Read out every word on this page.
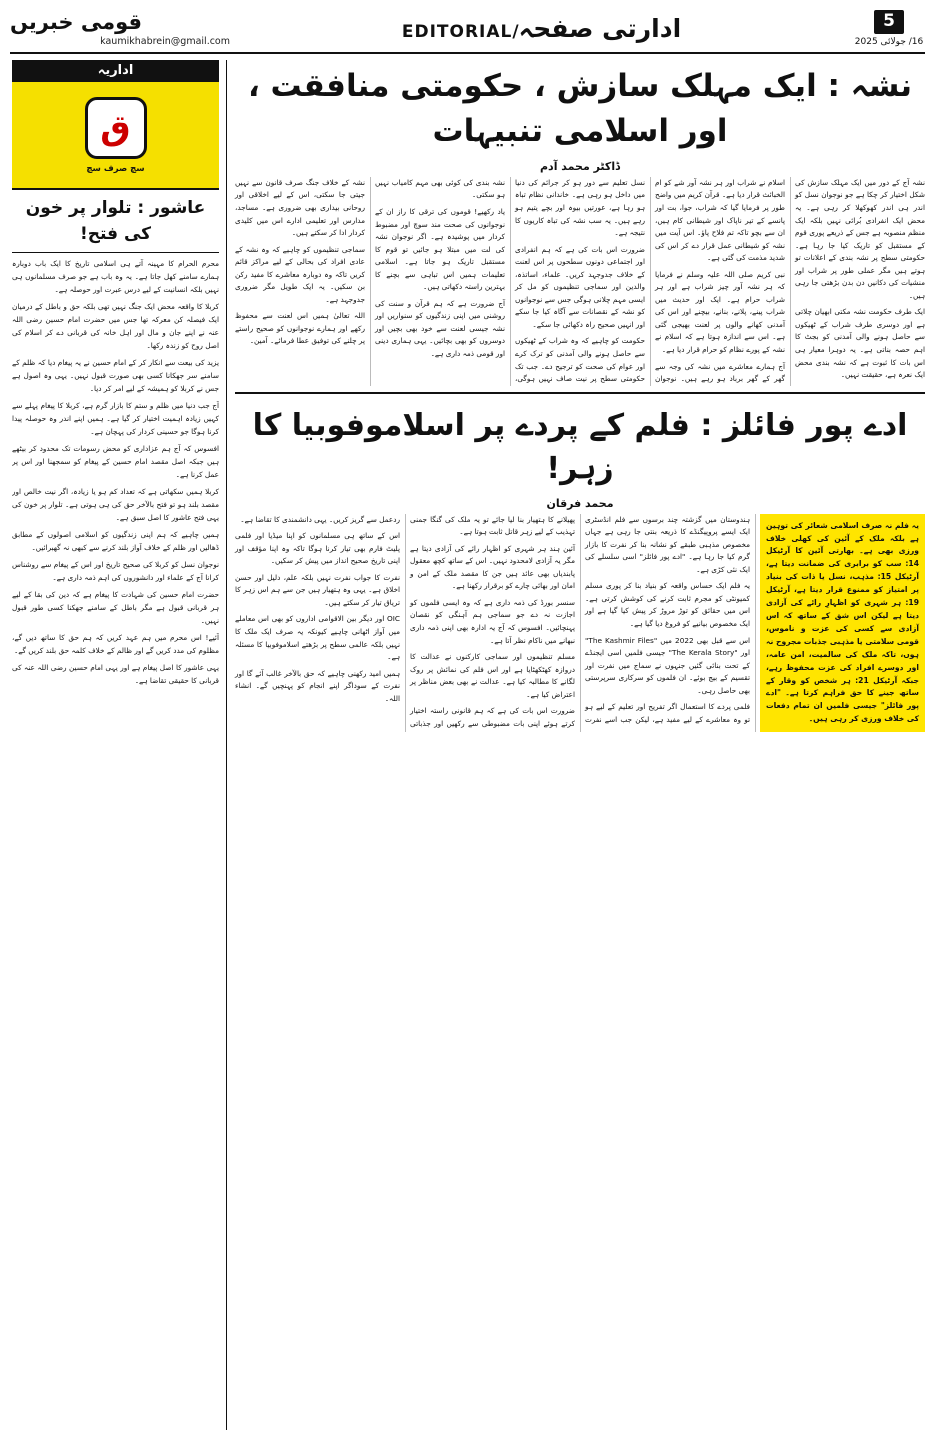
5
16/ جولائی 2025
ادارتی صفحہ/EDITORIAL
قومی خبریں
kaumikhabrein@gmail.com
نشہ : ایک مہلک سازش ، حکومتی منافقت ، اور اسلامی تنبیہات
ڈاکٹر محمد آدم

نشہ آج کے دور میں ایک مہلک سازش کی شکل اختیار کر چکا ہے جو نوجوان نسل کو اندر ہی اندر کھوکھلا کر رہی ہے۔ یہ محض ایک انفرادی بُرائی نہیں بلکہ ایک منظم منصوبہ ہے جس کے ذریعے پوری قوم کے مستقبل کو تاریک کیا جا رہا ہے۔ حکومتی سطح پر نشہ بندی کے اعلانات تو ہوتے ہیں مگر عملی طور پر شراب اور منشیات کی دکانیں دن بدن بڑھتی جا رہی ہیں۔

ایک طرف حکومت نشہ مکتی ابھیان چلاتی ہے اور دوسری طرف شراب کے ٹھیکوں سے حاصل ہونے والی آمدنی کو بجٹ کا اہم حصہ بناتی ہے۔ یہ دوہرا معیار ہی اس بات کا ثبوت ہے کہ نشہ بندی محض ایک نعرہ ہے، حقیقت نہیں۔

اسلام نے شراب اور ہر نشہ آور شے کو ام الخبائث قرار دیا ہے۔ قرآن کریم میں واضح طور پر فرمایا گیا کہ شراب، جوا، بت اور پانسے کے تیر ناپاک اور شیطانی کام ہیں، ان سے بچو تاکہ تم فلاح پاؤ۔ اس آیت میں نشہ کو شیطانی عمل قرار دے کر اس کی شدید مذمت کی گئی ہے۔

نبی کریم صلی اللہ علیہ وسلم نے فرمایا کہ ہر نشہ آور چیز شراب ہے اور ہر شراب حرام ہے۔ ایک اور حدیث میں شراب پینے، پلانے، بنانے، بیچنے اور اس کی آمدنی کھانے والوں پر لعنت بھیجی گئی ہے۔ اس سے اندازہ ہوتا ہے کہ اسلام نے نشہ کے پورے نظام کو حرام قرار دیا ہے۔

آج ہمارے معاشرے میں نشہ کی وجہ سے گھر کے گھر برباد ہو رہے ہیں۔ نوجوان نسل تعلیم سے دور ہو کر جرائم کی دنیا میں داخل ہو رہی ہے۔ خاندانی نظام تباہ ہو رہا ہے، عورتیں بیوہ اور بچے یتیم ہو رہے ہیں۔ یہ سب نشہ کی تباہ کاریوں کا نتیجہ ہے۔

ضرورت اس بات کی ہے کہ ہم انفرادی اور اجتماعی دونوں سطحوں پر اس لعنت کے خلاف جدوجہد کریں۔ علماء، اساتذہ، والدین اور سماجی تنظیموں کو مل کر ایسی مہم چلانی ہوگی جس سے نوجوانوں کو نشہ کے نقصانات سے آگاہ کیا جا سکے اور انہیں صحیح راہ دکھائی جا سکے۔

حکومت کو چاہیے کہ وہ شراب کے ٹھیکوں سے حاصل ہونے والی آمدنی کو ترک کرے اور عوام کی صحت کو ترجیح دے۔ جب تک حکومتی سطح پر نیت صاف نہیں ہوگی، نشہ بندی کی کوئی بھی مہم کامیاب نہیں ہو سکتی۔

یاد رکھیے! قوموں کی ترقی کا راز ان کے نوجوانوں کی صحت مند سوچ اور مضبوط کردار میں پوشیدہ ہے۔ اگر نوجوان نشہ کی لت میں مبتلا ہو جائیں تو قوم کا مستقبل تاریک ہو جاتا ہے۔ اسلامی تعلیمات ہمیں اس تباہی سے بچنے کا بہترین راستہ دکھاتی ہیں۔

آج ضرورت ہے کہ ہم قرآن و سنت کی روشنی میں اپنی زندگیوں کو سنواریں اور نشہ جیسی لعنت سے خود بھی بچیں اور دوسروں کو بھی بچائیں۔ یہی ہماری دینی اور قومی ذمہ داری ہے۔

نشہ کے خلاف جنگ صرف قانون سے نہیں جیتی جا سکتی، اس کے لیے اخلاقی اور روحانی بیداری بھی ضروری ہے۔ مساجد، مدارس اور تعلیمی ادارے اس میں کلیدی کردار ادا کر سکتے ہیں۔

سماجی تنظیموں کو چاہیے کہ وہ نشہ کے عادی افراد کی بحالی کے لیے مراکز قائم کریں تاکہ وہ دوبارہ معاشرے کا مفید رکن بن سکیں۔ یہ ایک طویل مگر ضروری جدوجہد ہے۔

اللہ تعالیٰ ہمیں اس لعنت سے محفوظ رکھے اور ہمارے نوجوانوں کو صحیح راستے پر چلنے کی توفیق عطا فرمائے۔ آمین۔

ادے پور فائلز : فلم کے پردے پر اسلاموفوبیا کا زہر!
محمد فرقان
یہ فلم نہ صرف اسلامی شعائر کی توہین ہے بلکہ ملک کے آئین کی کھلی خلاف ورزی بھی ہے۔ بھارتی آئین کا آرٹیکل 14: سب کو برابری کی ضمانت دیتا ہے، آرٹیکل 15: مذہب، نسل یا ذات کی بنیاد پر امتیاز کو ممنوع قرار دیتا ہے، آرٹیکل 19: ہر شہری کو اظہارِ رائے کی آزادی دیتا ہے لیکن اس شق کے ساتھ کہ اس آزادی سے کسی کی عزت و ناموس، قومی سلامتی یا مذہبی جذبات مجروح نہ ہوں، تاکہ ملک کی سالمیت، امن عامہ، اور دوسرے افراد کی عزت محفوظ رہے، جبکہ آرٹیکل 21: ہر شخص کو وقار کے ساتھ جینے کا حق فراہم کرتا ہے۔ "ادے پور فائلز" جیسی فلمیں ان تمام دفعات کی خلاف ورزی کر رہی ہیں۔

ہندوستان میں گزشتہ چند برسوں سے فلم انڈسٹری ایک ایسے پروپیگنڈے کا ذریعہ بنتی جا رہی ہے جہاں مخصوص مذہبی طبقے کو نشانہ بنا کر نفرت کا بازار گرم کیا جا رہا ہے۔ "ادے پور فائلز" اسی سلسلے کی ایک نئی کڑی ہے۔

یہ فلم ایک حساس واقعہ کو بنیاد بنا کر پوری مسلم کمیونٹی کو مجرم ثابت کرنے کی کوشش کرتی ہے۔ اس میں حقائق کو توڑ مروڑ کر پیش کیا گیا ہے اور ایک مخصوص بیانیے کو فروغ دیا گیا ہے۔

اس سے قبل بھی 2022 میں "The Kashmir Files" اور "The Kerala Story" جیسی فلمیں اسی ایجنڈے کے تحت بنائی گئیں جنہوں نے سماج میں نفرت اور تقسیم کے بیج بوئے۔ ان فلموں کو سرکاری سرپرستی بھی حاصل رہی۔

فلمی پردے کا استعمال اگر تفریح اور تعلیم کے لیے ہو تو وہ معاشرے کے لیے مفید ہے، لیکن جب اسے نفرت پھیلانے کا ہتھیار بنا لیا جائے تو یہ ملک کی گنگا جمنی تہذیب کے لیے زہر قاتل ثابت ہوتا ہے۔

آئین ہند ہر شہری کو اظہار رائے کی آزادی دیتا ہے مگر یہ آزادی لامحدود نہیں۔ اس کے ساتھ کچھ معقول پابندیاں بھی عائد ہیں جن کا مقصد ملک کے امن و امان اور بھائی چارے کو برقرار رکھنا ہے۔

سنسر بورڈ کی ذمہ داری ہے کہ وہ ایسی فلموں کو اجازت نہ دے جو سماجی ہم آہنگی کو نقصان پہنچائیں۔ افسوس کہ آج یہ ادارہ بھی اپنی ذمہ داری نبھانے میں ناکام نظر آتا ہے۔

مسلم تنظیموں اور سماجی کارکنوں نے عدالت کا دروازہ کھٹکھٹایا ہے اور اس فلم کی نمائش پر روک لگانے کا مطالبہ کیا ہے۔ عدالت نے بھی بعض مناظر پر اعتراض کیا ہے۔

ضرورت اس بات کی ہے کہ ہم قانونی راستہ اختیار کرتے ہوئے اپنی بات مضبوطی سے رکھیں اور جذباتی ردعمل سے گریز کریں۔ یہی دانشمندی کا تقاضا ہے۔

اس کے ساتھ ہی مسلمانوں کو اپنا میڈیا اور فلمی پلیٹ فارم بھی تیار کرنا ہوگا تاکہ وہ اپنا مؤقف اور اپنی تاریخ صحیح انداز میں پیش کر سکیں۔

نفرت کا جواب نفرت نہیں بلکہ علم، دلیل اور حسن اخلاق ہے۔ یہی وہ ہتھیار ہیں جن سے ہم اس زہر کا تریاق تیار کر سکتے ہیں۔

OIC اور دیگر بین الاقوامی اداروں کو بھی اس معاملے میں آواز اٹھانی چاہیے کیونکہ یہ صرف ایک ملک کا نہیں بلکہ عالمی سطح پر بڑھتے اسلاموفوبیا کا مسئلہ ہے۔

ہمیں امید رکھنی چاہیے کہ حق بالآخر غالب آئے گا اور نفرت کے سوداگر اپنے انجام کو پہنچیں گے۔ انشاء اللہ۔

اداریہ
ق
سچ صرف سچ
عاشور : تلوار پر خون کی فتح!

محرم الحرام کا مہینہ آتے ہی اسلامی تاریخ کا ایک باب دوبارہ ہمارے سامنے کھل جاتا ہے۔ یہ وہ باب ہے جو صرف مسلمانوں ہی نہیں بلکہ انسانیت کے لیے درس عبرت اور حوصلہ ہے۔

کربلا کا واقعہ محض ایک جنگ نہیں تھی بلکہ حق و باطل کے درمیان ایک فیصلہ کن معرکہ تھا جس میں حضرت امام حسین رضی اللہ عنہ نے اپنے جان و مال اور اہل خانہ کی قربانی دے کر اسلام کی اصل روح کو زندہ رکھا۔

یزید کی بیعت سے انکار کر کے امام حسین نے یہ پیغام دیا کہ ظلم کے سامنے سر جھکانا کسی بھی صورت قبول نہیں۔ یہی وہ اصول ہے جس نے کربلا کو ہمیشہ کے لیے امر کر دیا۔

آج جب دنیا میں ظلم و ستم کا بازار گرم ہے، کربلا کا پیغام پہلے سے کہیں زیادہ اہمیت اختیار کر گیا ہے۔ ہمیں اپنے اندر وہ حوصلہ پیدا کرنا ہوگا جو حسینی کردار کی پہچان ہے۔

افسوس کہ آج ہم عزاداری کو محض رسومات تک محدود کر بیٹھے ہیں جبکہ اصل مقصد امام حسین کے پیغام کو سمجھنا اور اس پر عمل کرنا ہے۔

کربلا ہمیں سکھاتی ہے کہ تعداد کم ہو یا زیادہ، اگر نیت خالص اور مقصد بلند ہو تو فتح بالآخر حق کی ہی ہوتی ہے۔ تلوار پر خون کی یہی فتح عاشور کا اصل سبق ہے۔

ہمیں چاہیے کہ ہم اپنی زندگیوں کو اسلامی اصولوں کے مطابق ڈھالیں اور ظلم کے خلاف آواز بلند کرنے سے کبھی نہ گھبرائیں۔

نوجوان نسل کو کربلا کی صحیح تاریخ اور اس کے پیغام سے روشناس کرانا آج کے علماء اور دانشوروں کی اہم ذمہ داری ہے۔

حضرت امام حسین کی شہادت کا پیغام ہے کہ دین کی بقا کے لیے ہر قربانی قبول ہے مگر باطل کے سامنے جھکنا کسی طور قبول نہیں۔

آئیے! اس محرم میں ہم عہد کریں کہ ہم حق کا ساتھ دیں گے، مظلوم کی مدد کریں گے اور ظالم کے خلاف کلمہ حق بلند کریں گے۔

یہی عاشور کا اصل پیغام ہے اور یہی امام حسین رضی اللہ عنہ کی قربانی کا حقیقی تقاضا ہے۔
